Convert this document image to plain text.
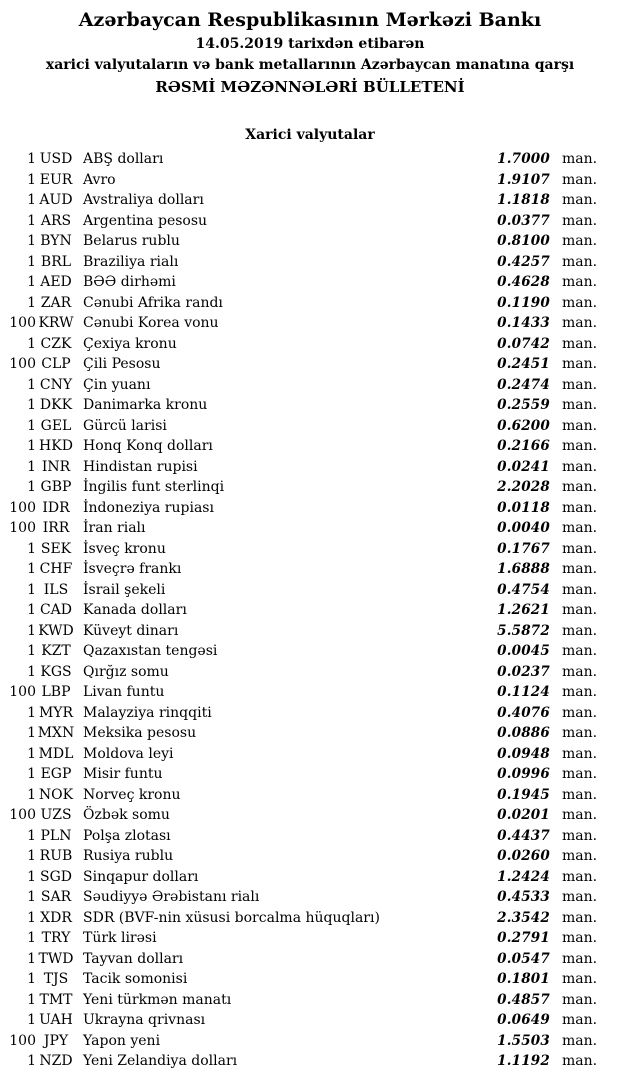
Azərbaycan Respublikasının Mərkəzi Bankı
14.05.2019 tarixdən etibarən
xarici valyutaların və bank metallarının Azərbaycan manatına qarşı
RƏSMİ MƏZƏNNƏLƏRİ BÜLLETENİ
Xarici valyutalar
1	USD	ABŞ dolları	1.7000	man.
1	EUR	Avro	1.9107	man.
1	AUD	Avstraliya dolları	1.1818	man.
1	ARS	Argentina pesosu	0.0377	man.
1	BYN	Belarus rublu	0.8100	man.
1	BRL	Braziliya rialı	0.4257	man.
1	AED	BƏƏ dirhəmi	0.4628	man.
1	ZAR	Cənubi Afrika randı	0.1190	man.
100	KRW	Cənubi Korea vonu	0.1433	man.
1	CZK	Çexiya kronu	0.0742	man.
100	CLP	Çili Pesosu	0.2451	man.
1	CNY	Çin yuanı	0.2474	man.
1	DKK	Danimarka kronu	0.2559	man.
1	GEL	Gürcü larisi	0.6200	man.
1	HKD	Honq Konq dolları	0.2166	man.
1	INR	Hindistan rupisi	0.0241	man.
1	GBP	İngilis funt sterlinqi	2.2028	man.
100	IDR	İndoneziya rupiası	0.0118	man.
100	IRR	İran rialı	0.0040	man.
1	SEK	İsveç kronu	0.1767	man.
1	CHF	İsveçrə frankı	1.6888	man.
1	ILS	İsrail şekeli	0.4754	man.
1	CAD	Kanada dolları	1.2621	man.
1	KWD	Küveyt dinarı	5.5872	man.
1	KZT	Qazaxıstan tengəsi	0.0045	man.
1	KGS	Qırğız somu	0.0237	man.
100	LBP	Livan funtu	0.1124	man.
1	MYR	Malayziya rinqqiti	0.4076	man.
1	MXN	Meksika pesosu	0.0886	man.
1	MDL	Moldova leyi	0.0948	man.
1	EGP	Misir funtu	0.0996	man.
1	NOK	Norveç kronu	0.1945	man.
100	UZS	Özbək somu	0.0201	man.
1	PLN	Polşa zlotası	0.4437	man.
1	RUB	Rusiya rublu	0.0260	man.
1	SGD	Sinqapur dolları	1.2424	man.
1	SAR	Səudiyyə Ərəbistanı rialı	0.4533	man.
1	XDR	SDR (BVF-nin xüsusi borcalma hüquqları)	2.3542	man.
1	TRY	Türk lirəsi	0.2791	man.
1	TWD	Tayvan dolları	0.0547	man.
1	TJS	Tacik somonisi	0.1801	man.
1	TMT	Yeni türkmən manatı	0.4857	man.
1	UAH	Ukrayna qrivnası	0.0649	man.
100	JPY	Yapon yeni	1.5503	man.
1	NZD	Yeni Zelandiya dolları	1.1192	man.
